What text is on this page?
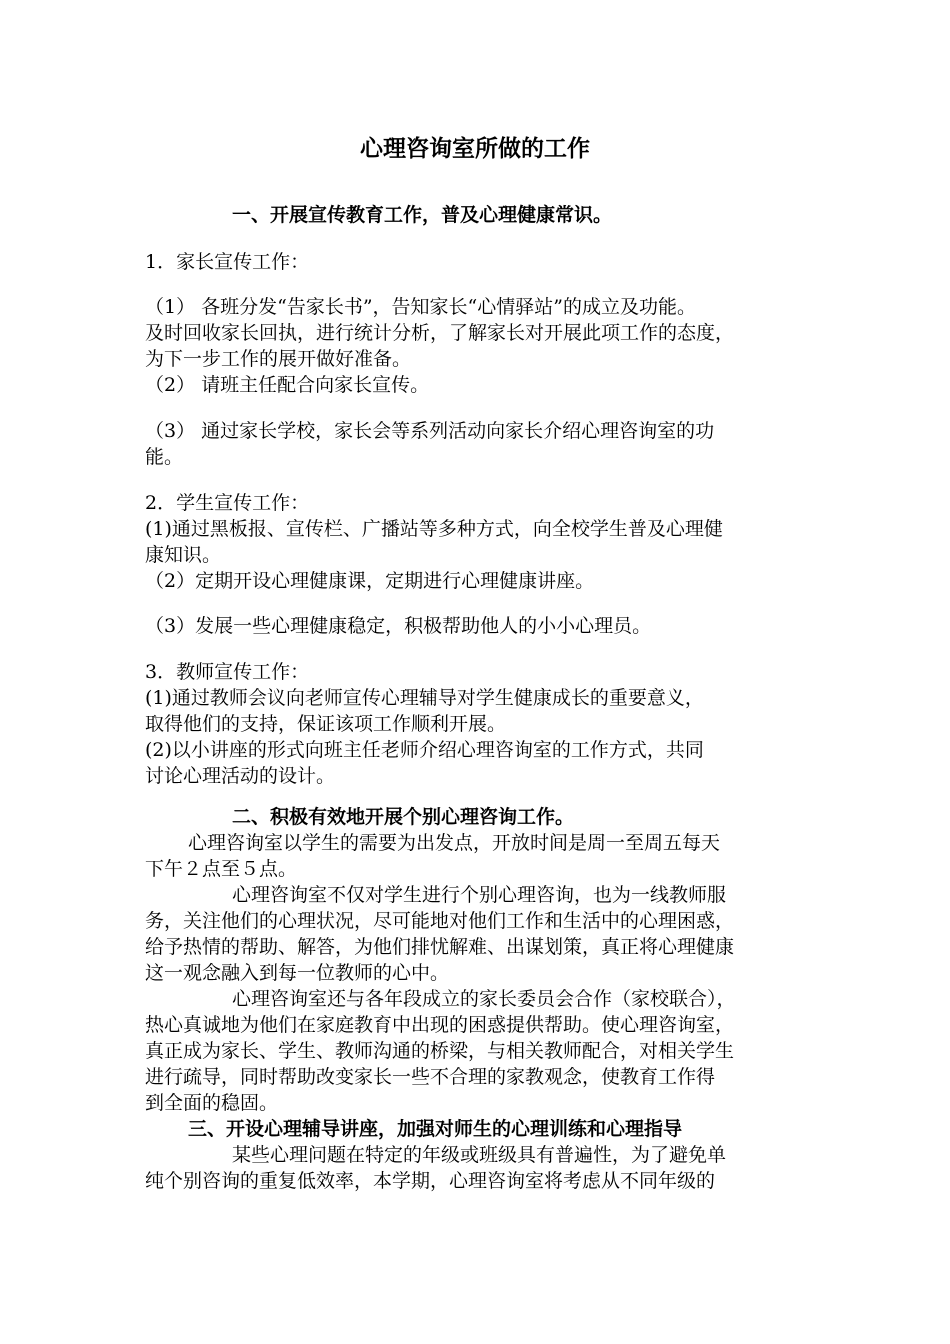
心理咨询室所做的工作
一、开展宣传教育工作，普及心理健康常识。
1．家长宣传工作：
（1） 各班分发“告家长书”，告知家长“心情驿站”的成立及功能。
及时回收家长回执，进行统计分析，了解家长对开展此项工作的态度，
为下一步工作的展开做好准备。
（2） 请班主任配合向家长宣传。
（3） 通过家长学校，家长会等系列活动向家长介绍心理咨询室的功
能。
2．学生宣传工作：
(1)通过黑板报、宣传栏、广播站等多种方式，向全校学生普及心理健
康知识。
（2）定期开设心理健康课，定期进行心理健康讲座。
（3）发展一些心理健康稳定，积极帮助他人的小小心理员。
3．教师宣传工作：
(1)通过教师会议向老师宣传心理辅导对学生健康成长的重要意义，
取得他们的支持，保证该项工作顺利开展。
(2)以小讲座的形式向班主任老师介绍心理咨询室的工作方式，共同
讨论心理活动的设计。
二、积极有效地开展个别心理咨询工作。
心理咨询室以学生的需要为出发点，开放时间是周一至周五每天
下午２点至５点。
心理咨询室不仅对学生进行个别心理咨询，也为一线教师服
务，关注他们的心理状况，尽可能地对他们工作和生活中的心理困惑，
给予热情的帮助、解答，为他们排忧解难、出谋划策，真正将心理健康
这一观念融入到每一位教师的心中。
心理咨询室还与各年段成立的家长委员会合作（家校联合），
热心真诚地为他们在家庭教育中出现的困惑提供帮助。使心理咨询室，
真正成为家长、学生、教师沟通的桥梁，与相关教师配合，对相关学生
进行疏导，同时帮助改变家长一些不合理的家教观念，使教育工作得
到全面的稳固。
三、开设心理辅导讲座，加强对师生的心理训练和心理指导
某些心理问题在特定的年级或班级具有普遍性，为了避免单
纯个别咨询的重复低效率，本学期，心理咨询室将考虑从不同年级的
